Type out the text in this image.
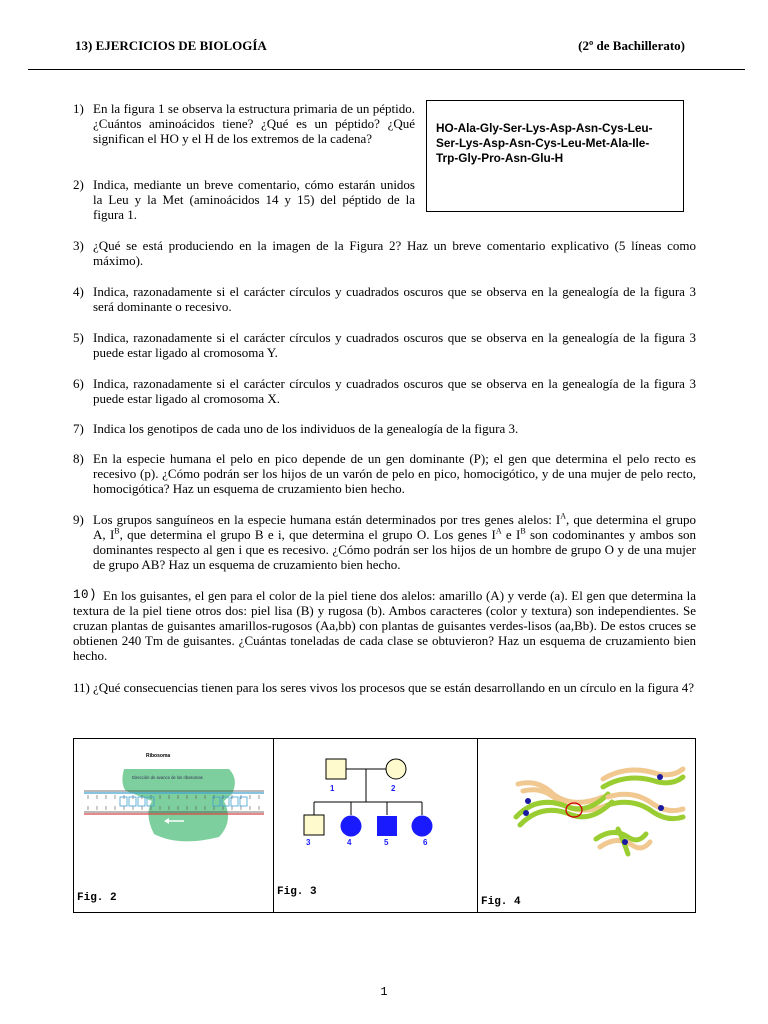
13) EJERCICIOS DE BIOLOGÍA	(2º de Bachillerato)
HO-Ala-Gly-Ser-Lys-Asp-Asn-Cys-Leu-
Ser-Lys-Asp-Asn-Cys-Leu-Met-Ala-Ile-
Trp-Gly-Pro-Asn-Glu-H
1) En la figura 1 se observa la estructura primaria de un péptido. ¿Cuántos aminoácidos tiene? ¿Qué es un péptido? ¿Qué significan el HO y el H de los extremos de la cadena?
2) Indica, mediante un breve comentario, cómo estarán unidos la Leu y la Met (aminoácidos 14 y 15) del péptido de la figura 1.
3) ¿Qué se está produciendo en la imagen de la Figura 2? Haz un breve comentario explicativo (5 líneas como máximo).
4) Indica, razonadamente si el carácter círculos y cuadrados oscuros que se observa en la genealogía de la figura 3 será dominante o recesivo.
5) Indica, razonadamente si el carácter círculos y cuadrados oscuros que se observa en la genealogía de la figura 3 puede estar ligado al cromosoma Y.
6) Indica, razonadamente si el carácter círculos y cuadrados oscuros que se observa en la genealogía de la figura 3 puede estar ligado al cromosoma X.
7) Indica los genotipos de cada uno de los individuos de la genealogía de la figura 3.
8) En la especie humana el pelo en pico depende de un gen dominante (P); el gen que determina el pelo recto es recesivo (p). ¿Cómo podrán ser los hijos de un varón de pelo en pico, homocigótico, y de una mujer de pelo recto, homocigótica? Haz un esquema de cruzamiento bien hecho.
9) Los grupos sanguíneos en la especie humana están determinados por tres genes alelos: $I^A$, que determina el grupo A, $I^B$, que determina el grupo B e i, que determina el grupo O. Los genes $I^A$ e $I^B$ son codominantes y ambos son dominantes respecto al gen i que es recesivo. ¿Cómo podrán ser los hijos de un hombre de grupo O y de una mujer de grupo AB? Haz un esquema de cruzamiento bien hecho.
10) En los guisantes, el gen para el color de la piel tiene dos alelos: amarillo (A) y verde (a). El gen que determina la textura de la piel tiene otros dos: piel lisa (B) y rugosa (b). Ambos caracteres (color y textura) son independientes. Se cruzan plantas de guisantes amarillos-rugosos (Aa,bb) con plantas de guisantes verdes-lisos (aa,Bb). De estos cruces se obtienen 240 Tm de guisantes. ¿Cuántas toneladas de cada clase se obtuvieron? Haz un esquema de cruzamiento bien hecho.
11) ¿Qué consecuencias tienen para los seres vivos los procesos que se están desarrollando en un círculo en la figura 4?
Ribosoma
Dirección de avance de los ribosomas
Fig. 2
1	2
3	4	5	6
Fig. 3
Fig. 4
1
